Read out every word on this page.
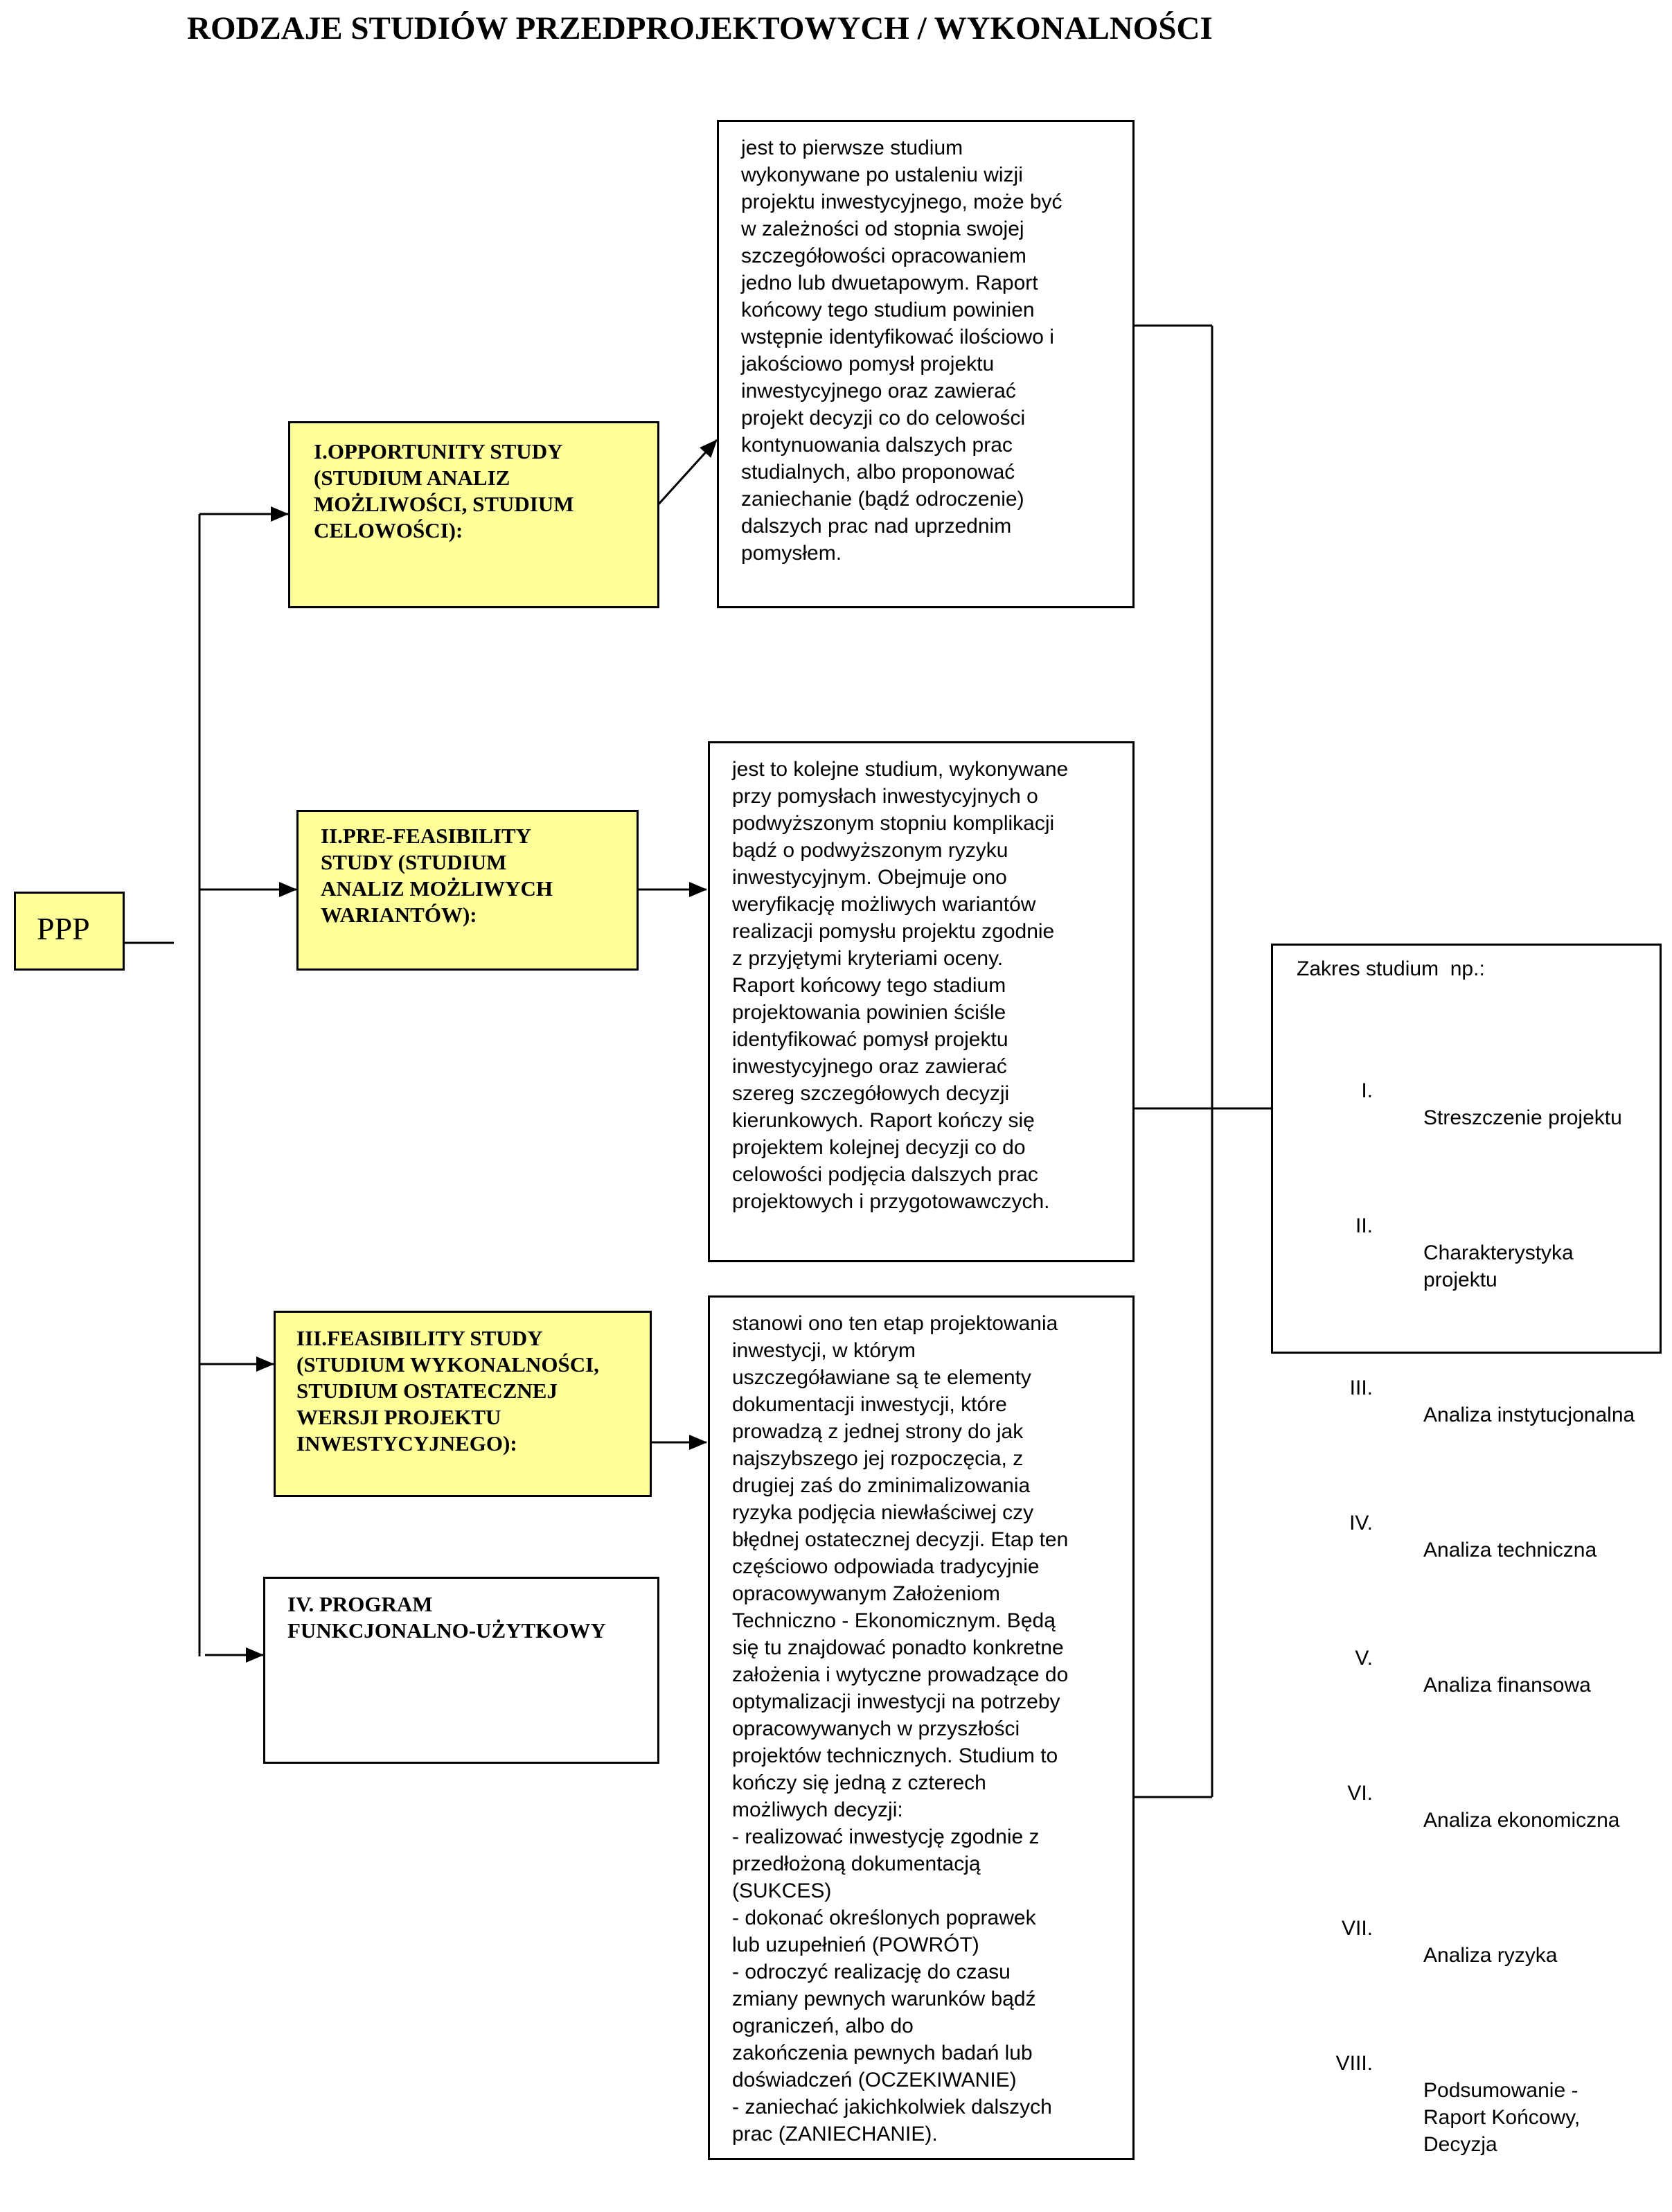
RODZAJE STUDIÓW PRZEDPROJEKTOWYCH / WYKONALNOŚCI
PPP
I.OPPORTUNITY STUDY
(STUDIUM ANALIZ
MOŻLIWOŚCI, STUDIUM
CELOWOŚCI):
II.PRE-FEASIBILITY
STUDY (STUDIUM
ANALIZ MOŻLIWYCH
WARIANTÓW):
III.FEASIBILITY STUDY
(STUDIUM WYKONALNOŚCI,
STUDIUM OSTATECZNEJ
WERSJI PROJEKTU
INWESTYCYJNEGO):
IV. PROGRAM
FUNKCJONALNO-UŻYTKOWY
jest to pierwsze studium
wykonywane po ustaleniu wizji
projektu inwestycyjnego, może być
w zależności od stopnia swojej
szczegółowości opracowaniem
jedno lub dwuetapowym. Raport
końcowy tego studium powinien
wstępnie identyfikować ilościowo i
jakościowo pomysł projektu
inwestycyjnego oraz zawierać
projekt decyzji co do celowości
kontynuowania dalszych prac
studialnych, albo proponować
zaniechanie (bądź odroczenie)
dalszych prac nad uprzednim
pomysłem.
jest to kolejne studium, wykonywane
przy pomysłach inwestycyjnych o
podwyższonym stopniu komplikacji
bądź o podwyższonym ryzyku
inwestycyjnym. Obejmuje ono
weryfikację możliwych wariantów
realizacji pomysłu projektu zgodnie
z przyjętymi kryteriami oceny.
Raport końcowy tego stadium
projektowania powinien ściśle
identyfikować pomysł projektu
inwestycyjnego oraz zawierać
szereg szczegółowych decyzji
kierunkowych. Raport kończy się
projektem kolejnej decyzji co do
celowości podjęcia dalszych prac
projektowych i przygotowawczych.
stanowi ono ten etap projektowania
inwestycji, w którym
uszczegóławiane są te elementy
dokumentacji inwestycji, które
prowadzą z jednej strony do jak
najszybszego jej rozpoczęcia, z
drugiej zaś do zminimalizowania
ryzyka podjęcia niewłaściwej czy
błędnej ostatecznej decyzji. Etap ten
częściowo odpowiada tradycyjnie
opracowywanym Założeniom
Techniczno - Ekonomicznym. Będą
się tu znajdować ponadto konkretne
założenia i wytyczne prowadzące do
optymalizacji inwestycji na potrzeby
opracowywanych w przyszłości
projektów technicznych. Studium to
kończy się jedną z czterech
możliwych decyzji:
- realizować inwestycję zgodnie z
przedłożoną dokumentacją
(SUKCES)
- dokonać określonych poprawek
lub uzupełnień (POWRÓT)
- odroczyć realizację do czasu
zmiany pewnych warunków bądź
ograniczeń, albo do
zakończenia pewnych badań lub
doświadczeń (OCZEKIWANIE)
- zaniechać jakichkolwiek dalszych
prac (ZANIECHANIE).
Zakres studium  np.:

I.

Streszczenie projektu

II.

Charakterystyka
projektu

III.

Analiza instytucjonalna

IV.

Analiza techniczna

V.

Analiza finansowa

VI.

Analiza ekonomiczna

VII.

Analiza ryzyka

VIII.

Podsumowanie -
Raport Końcowy,
Decyzja
